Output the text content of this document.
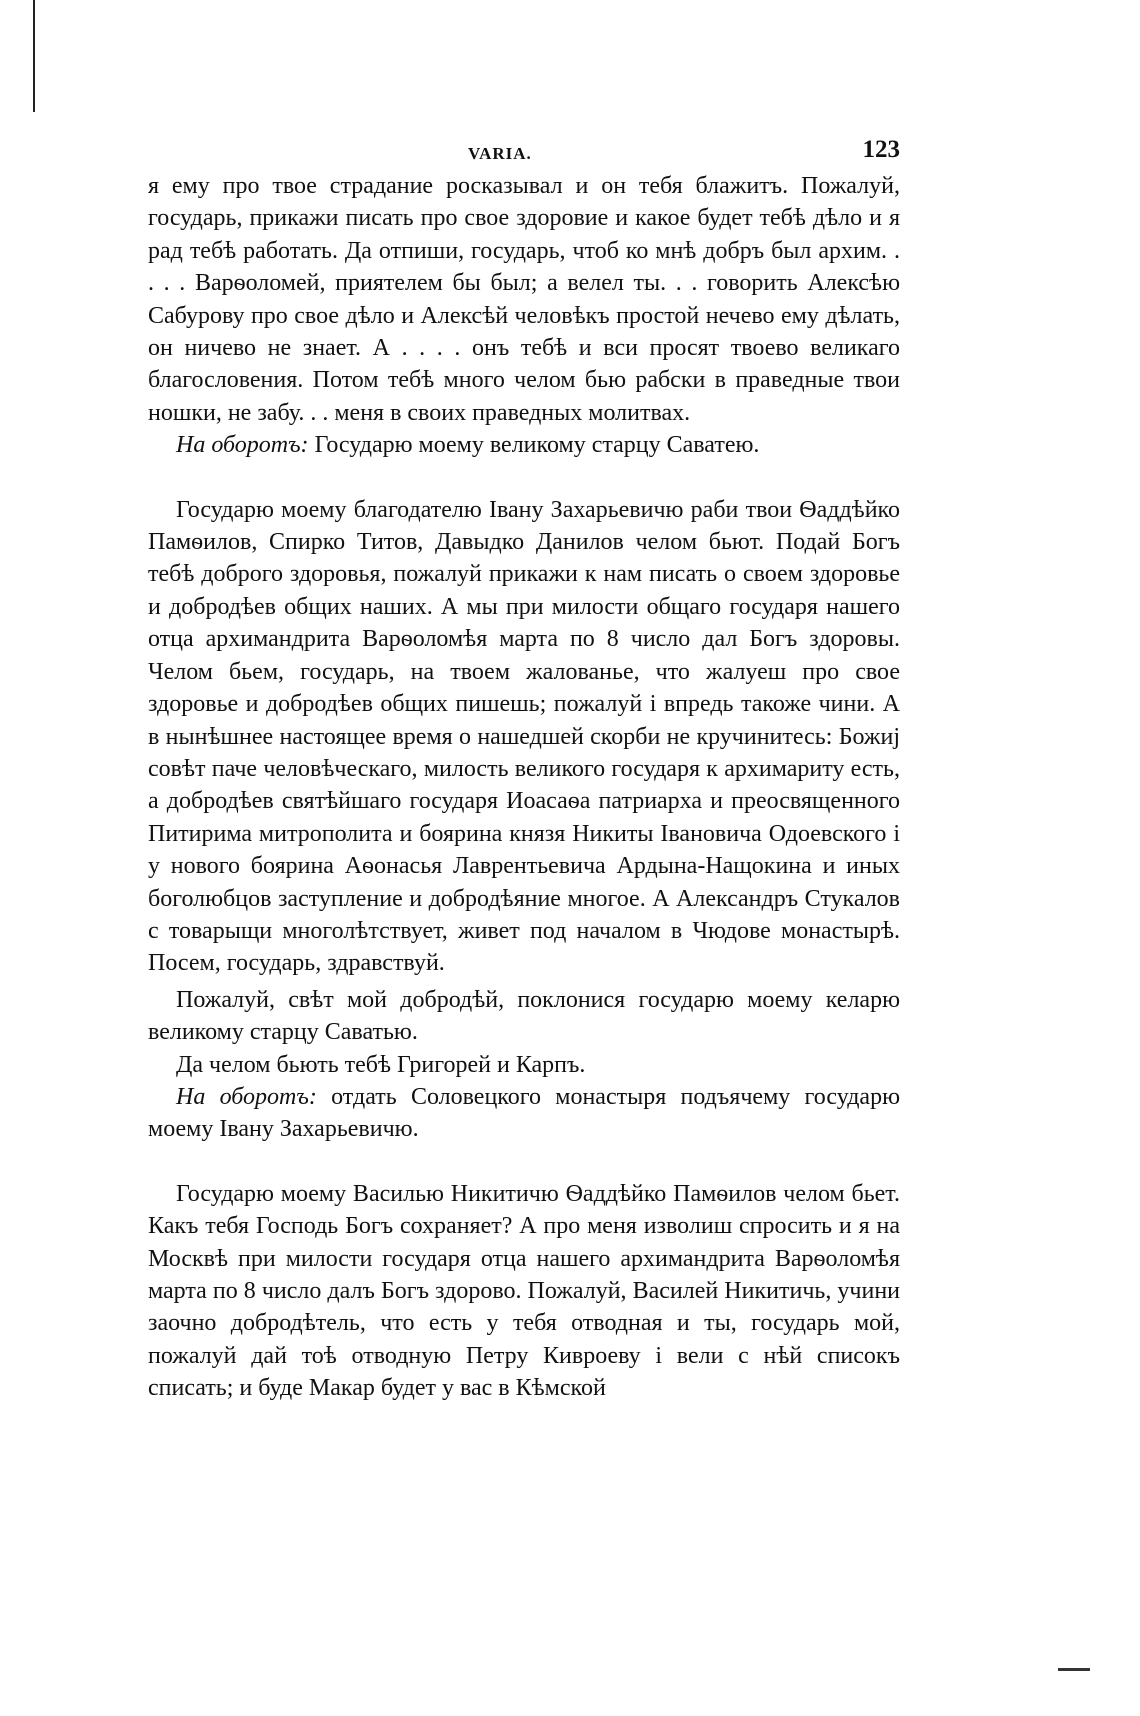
VARIA.	123

я ему про твое страдание росказывал и он тебя блажитъ. Пожалуй, государь, прикажи писать про свое здоровие и какое будет тебѣ дѣло и я рад тебѣ работать. Да отпиши, государь, чтоб ко мнѣ добръ был архим. . . . . Варѳоломей, приятелем бы был; а велел ты. . . говорить Алексѣю Сабурову про свое дѣло и Алексѣй человѣкъ простой нечево ему дѣлать, он ничево не знает. А . . . . онъ тебѣ и вси просят твоево великаго благословения. Потом тебѣ много челом бью рабски в праведные твои ношки, не забу. . . меня в своих праведных молитвах.

На оборотъ: Государю моему великому старцу Саватею.

Государю моему благодателю Івану Захарьевичю раби твои Ѳаддѣйко Памѳилов, Спирко Титов, Давыдко Данилов челом бьют. Подай Богъ тебѣ доброго здоровья, пожалуй прикажи к нам писать о своем здоровье и добродѣев общих наших. А мы при милости общаго государя нашего отца архимандрита Варѳоломѣя марта по 8 число дал Богъ здоровы. Челом бьем, государь, на твоем жалованье, что жалуеш про свое здоровье и добродѣев общих пишешь; пожалуй і впредь такоже чини. А в нынѣшнее настоящее время о нашедшей скорби не кручинитесь: Божиј совѣт паче человѣческаго, милость великого государя к архимариту есть, а добродѣев святѣйшаго государя Иоасаѳа патриарха и преосвященного Питирима митрополита и боярина князя Никиты Івановича Одоевского і у нового боярина Аѳонасья Лаврентьевича Ардына-Нащокина и иных боголюбцов заступление и добродѣяние многое. А Александръ Стукалов с товарыщи многолѣтствует, живет под началом в Чюдове монастырѣ. Посем, государь, здравствуй.

Пожалуй, свѣт мой добродѣй, поклонися государю моему келарю великому старцу Саватью.

Да челом бьють тебѣ Григорей и Карпъ.

На оборотъ: отдать Соловецкого монастыря подъячему государю моему Івану Захарьевичю.

Государю моему Василью Никитичю Ѳаддѣйко Памѳилов челом бьет. Какъ тебя Господь Богъ сохраняет? А про меня изволиш спросить и я на Москвѣ при милости государя отца нашего архимандрита Варѳоломѣя марта по 8 число далъ Богъ здорово. Пожалуй, Василей Никитичь, учини заочно добродѣтель, что есть у тебя отводная и ты, государь мой, пожалуй дай тоѣ отводную Петру Кивроеву і вели с нѣй списокъ списать; и буде Макар будет у вас в Кѣмской
